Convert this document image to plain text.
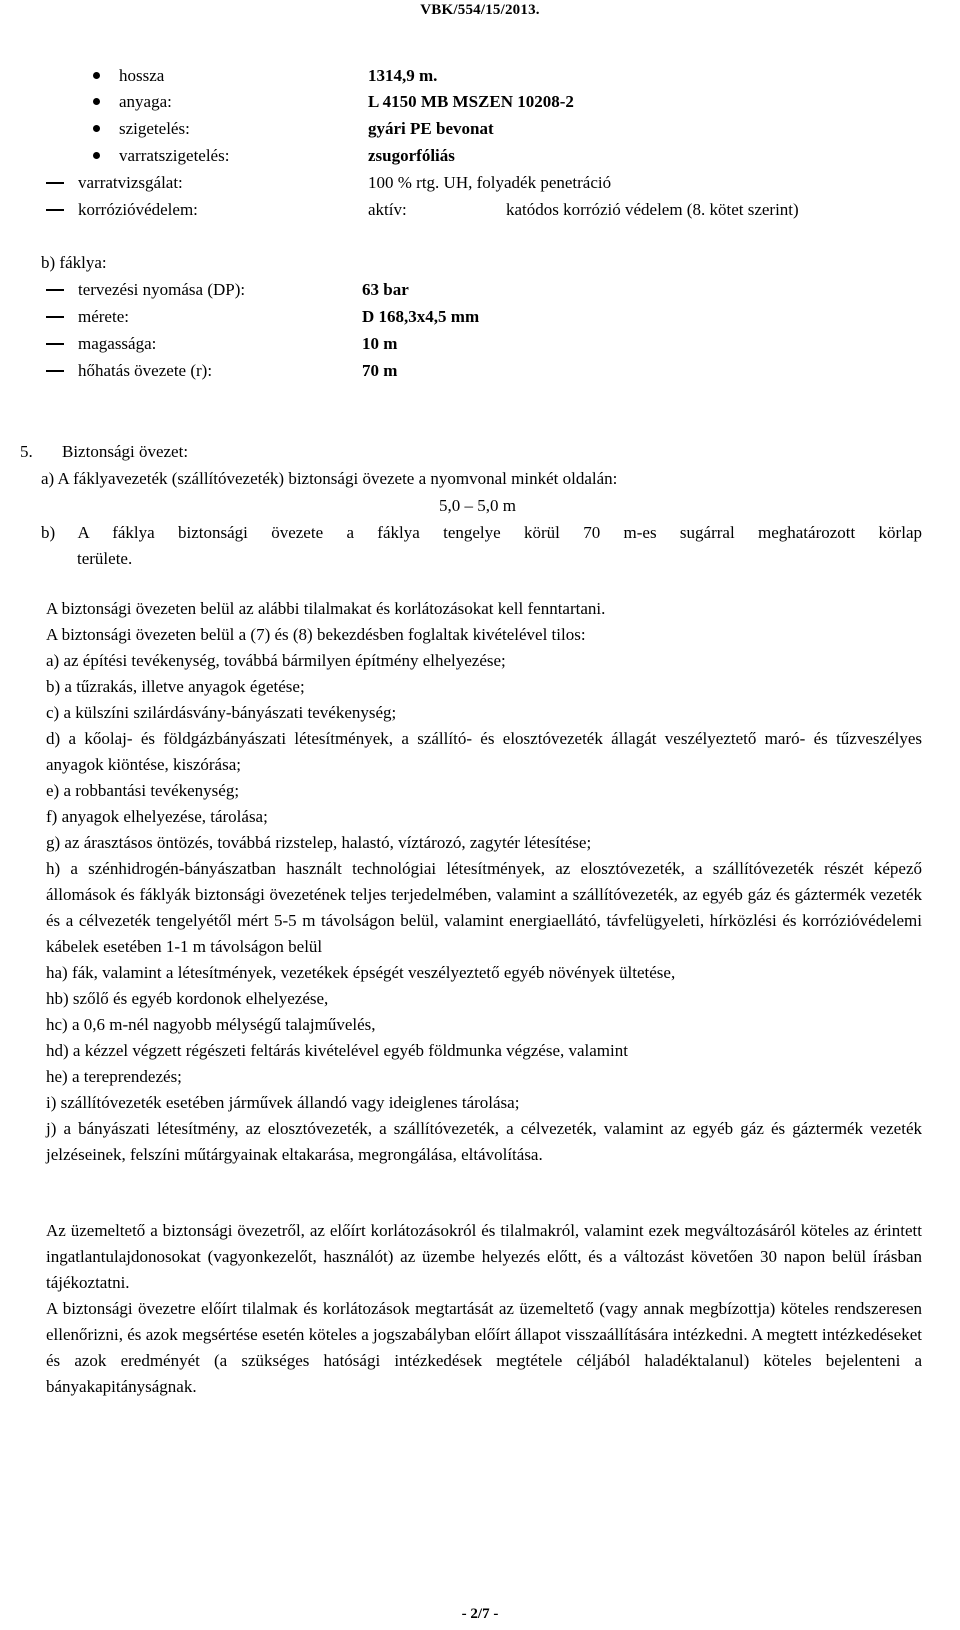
VBK/554/15/2013.
hossza	1314,9 m.
anyaga:	L 4150 MB MSZEN 10208-2
szigetelés:	gyári PE bevonat
varratszigetelés:	zsugorfóliás
varratvizsgálat:	100 % rtg. UH, folyadék penetráció
korrózióvédelem:	aktív:	katódos korrózió védelem (8. kötet szerint)
b) fáklya:
tervezési nyomása (DP):	63 bar
mérete:	D 168,3x4,5 mm
magassága:	10 m
hőhatás övezete (r):	70 m
5. Biztonsági övezet:
a) A fáklyavezeték (szállítóvezeték) biztonsági övezete a nyomvonal minkét oldalán:
5,0 – 5,0 m
b) A fáklya biztonsági övezete a fáklya tengelye körül 70 m-es sugárral meghatározott körlap
területe.
A biztonsági övezeten belül az alábbi tilalmakat és korlátozásokat kell fenntartani.
A biztonsági övezeten belül a (7) és (8) bekezdésben foglaltak kivételével tilos:
a) az építési tevékenység, továbbá bármilyen építmény elhelyezése;
b) a tűzrakás, illetve anyagok égetése;
c) a külszíni szilárdásvány-bányászati tevékenység;
d) a kőolaj- és földgázbányászati létesítmények, a szállító- és elosztóvezeték állagát veszélyeztető maró- és tűzveszélyes anyagok kiöntése, kiszórása;
e) a robbantási tevékenység;
f) anyagok elhelyezése, tárolása;
g) az árasztásos öntözés, továbbá rizstelep, halastó, víztározó, zagytér létesítése;
h) a szénhidrogén-bányászatban használt technológiai létesítmények, az elosztóvezeték, a szállítóvezeték részét képező állomások és fáklyák biztonsági övezetének teljes terjedelmében, valamint a szállítóvezeték, az egyéb gáz és gáztermék vezeték és a célvezeték tengelyétől mért 5-5 m távolságon belül, valamint energiaellátó, távfelügyeleti, hírközlési és korrózióvédelemi kábelek esetében 1-1 m távolságon belül
ha) fák, valamint a létesítmények, vezetékek épségét veszélyeztető egyéb növények ültetése,
hb) szőlő és egyéb kordonok elhelyezése,
hc) a 0,6 m-nél nagyobb mélységű talajművelés,
hd) a kézzel végzett régészeti feltárás kivételével egyéb földmunka végzése, valamint
he) a tereprendezés;
i) szállítóvezeték esetében járművek állandó vagy ideiglenes tárolása;
j) a bányászati létesítmény, az elosztóvezeték, a szállítóvezeték, a célvezeték, valamint az egyéb gáz és gáztermék vezeték jelzéseinek, felszíni műtárgyainak eltakarása, megrongálása, eltávolítása.
Az üzemeltető a biztonsági övezetről, az előírt korlátozásokról és tilalmakról, valamint ezek megváltozásáról köteles az érintett ingatlantulajdonosokat (vagyonkezelőt, használót) az üzembe helyezés előtt, és a változást követően 30 napon belül írásban tájékoztatni.
A biztonsági övezetre előírt tilalmak és korlátozások megtartását az üzemeltető (vagy annak megbízottja) köteles rendszeresen ellenőrizni, és azok megsértése esetén köteles a jogszabályban előírt állapot visszaállítására intézkedni. A megtett intézkedéseket és azok eredményét (a szükséges hatósági intézkedések megtétele céljából haladéktalanul) köteles bejelenteni a bányakapitányságnak.
- 2/7 -
